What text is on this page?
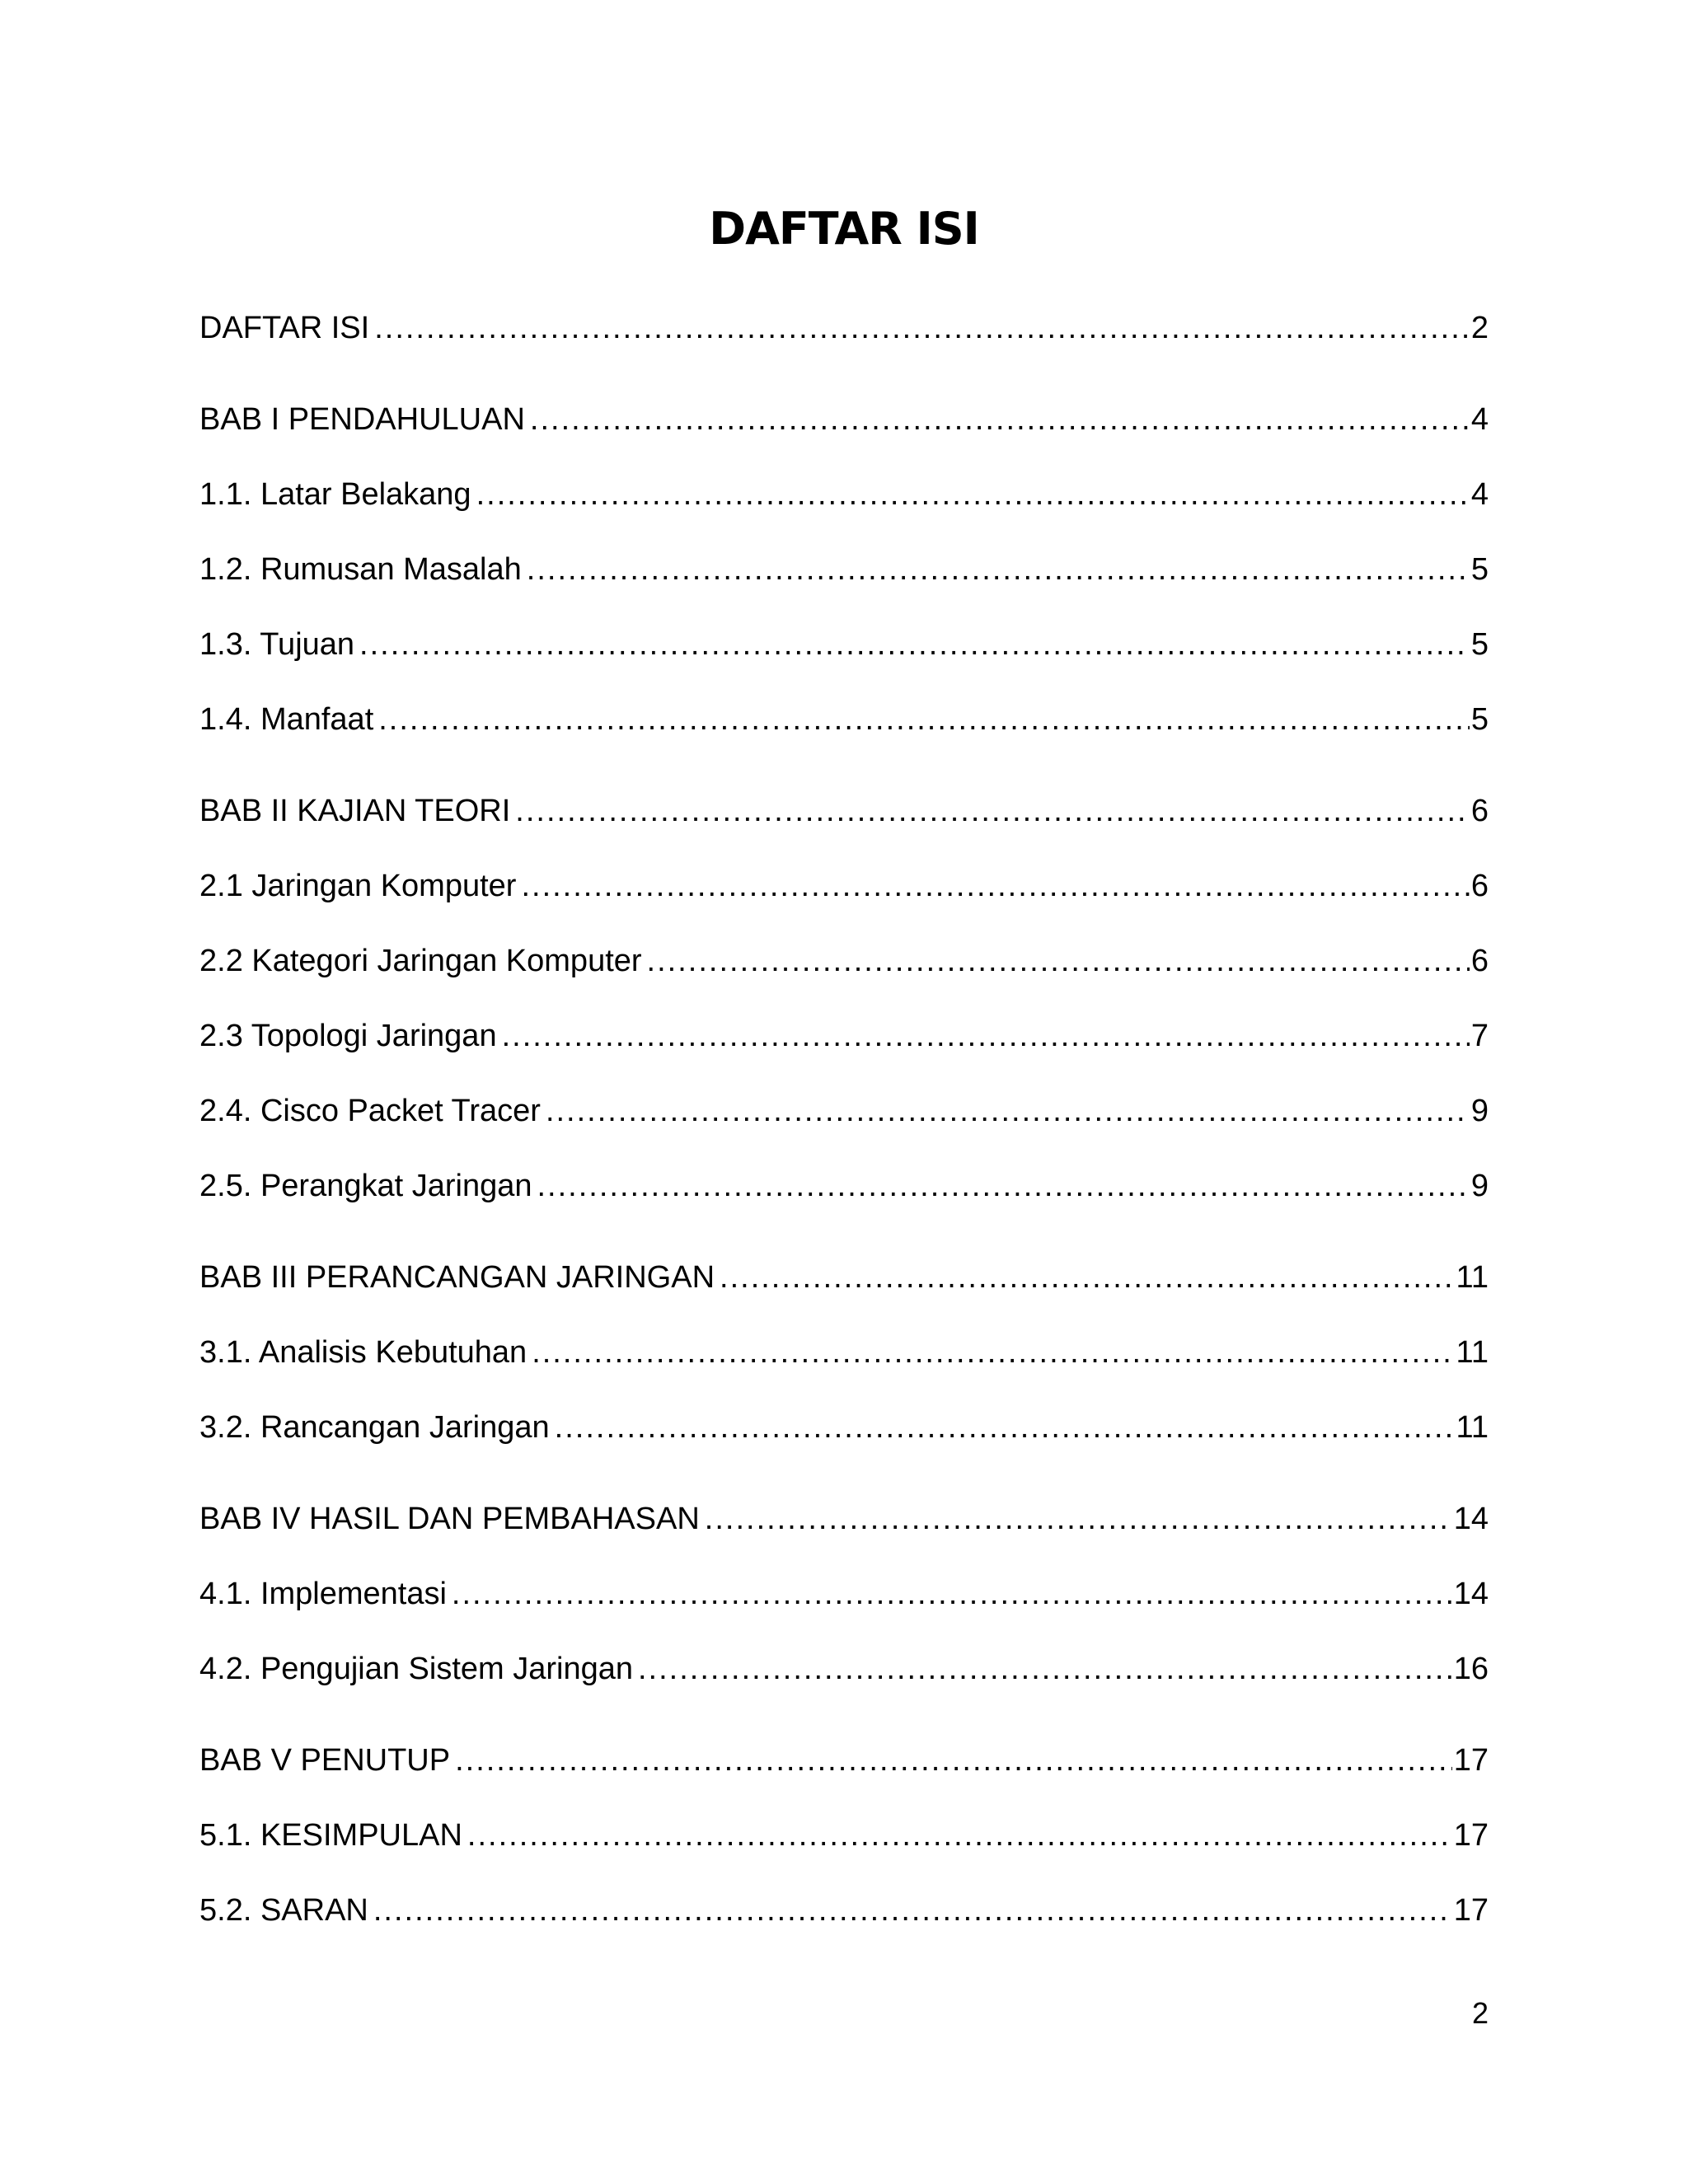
DAFTAR ISI
DAFTAR ISI .....	2
BAB I PENDAHULUAN .....	4
1.1. Latar Belakang .....	4
1.2. Rumusan Masalah .....	5
1.3. Tujuan .....	5
1.4. Manfaat .....	5
BAB II KAJIAN TEORI .....	6
2.1 Jaringan Komputer .....	6
2.2 Kategori Jaringan Komputer .....	6
2.3 Topologi Jaringan .....	7
2.4. Cisco Packet Tracer .....	9
2.5. Perangkat Jaringan .....	9
BAB III PERANCANGAN JARINGAN .....	11
3.1. Analisis Kebutuhan .....	11
3.2. Rancangan Jaringan .....	11
BAB IV HASIL DAN PEMBAHASAN .....	14
4.1. Implementasi .....	14
4.2. Pengujian Sistem Jaringan .....	16
BAB V PENUTUP .....	17
5.1. KESIMPULAN .....	17
5.2. SARAN .....	17
2
